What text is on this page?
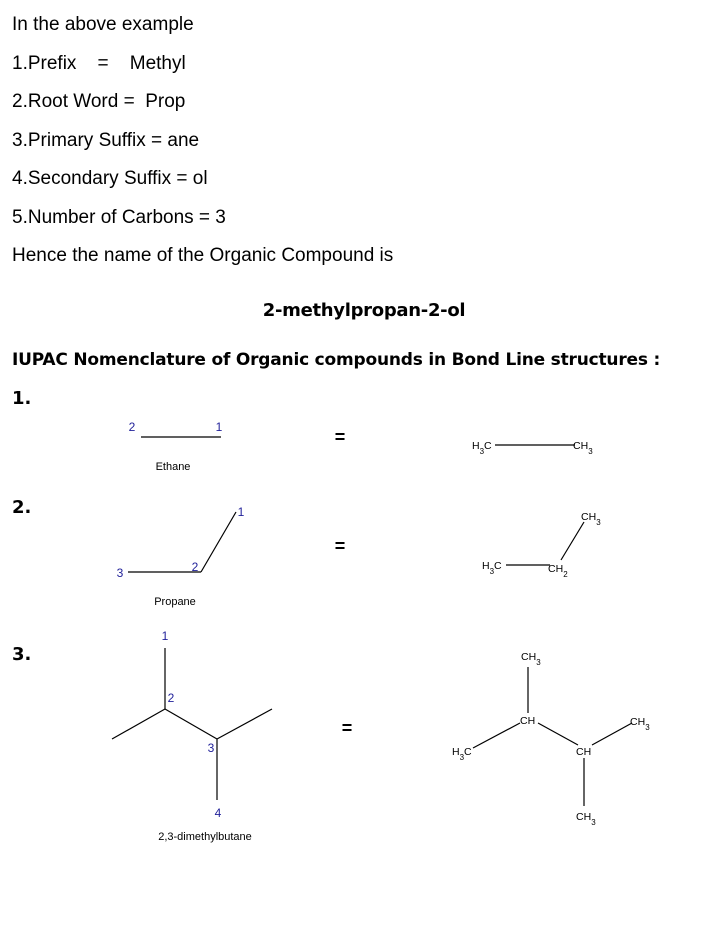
In the above example
1.Prefix    =    Methyl
2.Root Word =  Prop
3.Primary Suffix = ane
4.Secondary Suffix = ol
5.Number of Carbons = 3
Hence the name of the Organic Compound is
2-methylpropan-2-ol
IUPAC Nomenclature of Organic compounds in Bond Line structures :
1.
2.
3.
=
=
=
2	1
Ethane
$H_3C$	$CH_3$
1
2
3
Propane
$CH_3$
$H_3C$	$CH_2$
1
2
3
4
2,3-dimethylbutane
$CH_3$
CH	$CH_3$
$H_3C$	CH
$CH_3$
